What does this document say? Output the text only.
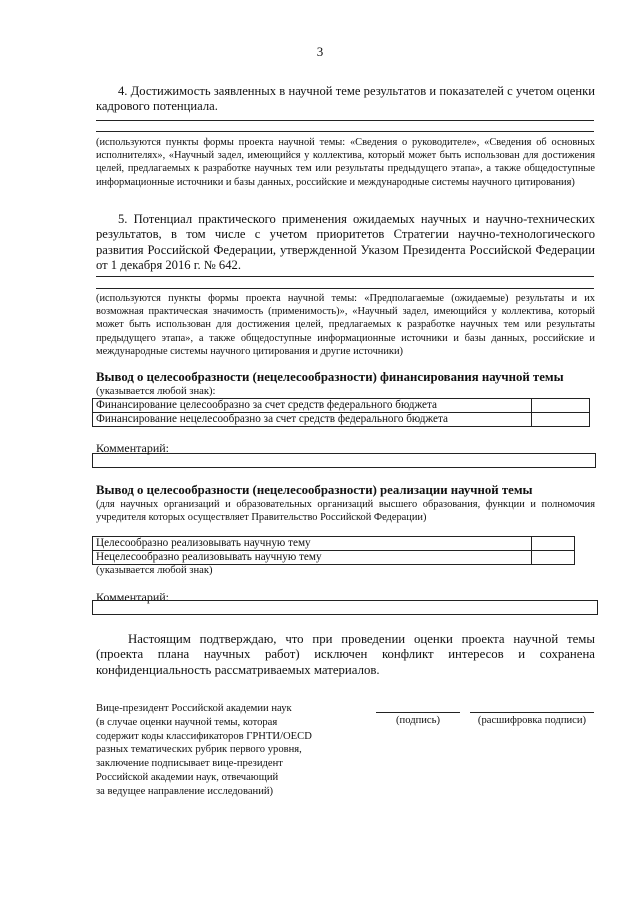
3
4. Достижимость заявленных в научной теме результатов и показателей с учетом оценки кадрового потенциала.
(используются пункты формы проекта научной темы: «Сведения о руководителе», «Сведения об основных исполнителях», «Научный задел, имеющийся у коллектива, который может быть использован для достижения целей, предлагаемых к разработке научных тем или результаты предыдущего этапа», а также общедоступные информационные источники и базы данных, российские и международные системы научного цитирования)
5. Потенциал практического применения ожидаемых научных и научно-технических результатов, в том числе с учетом приоритетов Стратегии научно-технологического развития Российской Федерации, утвержденной Указом Президента Российской Федерации от 1 декабря 2016 г. № 642.
(используются пункты формы проекта научной темы: «Предполагаемые (ожидаемые) результаты и их возможная практическая значимость (применимость)», «Научный задел, имеющийся у коллектива, который может быть использован для достижения целей, предлагаемых к разработке научных тем или результаты предыдущего этапа», а также общедоступные информационные источники и базы данных, российские и международные системы научного цитирования и другие источники)
Вывод о целесообразности (нецелесообразности) финансирования научной темы
(указывается любой знак):
Финансирование целесообразно за счет средств федерального бюджета	
Финансирование нецелесообразно за счет средств федерального бюджета	
Комментарий:
Вывод о целесообразности (нецелесообразности) реализации научной темы
(для научных организаций и образовательных организаций высшего образования, функции и полномочия учредителя которых осуществляет Правительство Российской Федерации)
Целесообразно реализовывать научную тему	
Нецелесообразно реализовывать научную тему	
(указывается любой знак)
Комментарий:
Настоящим подтверждаю, что при проведении оценки проекта научной темы (проекта плана научных работ) исключен конфликт интересов и сохранена конфиденциальность рассматриваемых материалов.
Вице-президент Российской академии наук
(в случае оценки научной темы, которая
содержит коды классификаторов ГРНТИ/OECD
разных тематических рубрик первого уровня,
заключение подписывает вице-президент
Российской академии наук, отвечающий
за ведущее направление исследований)
(подпись)	(расшифровка подписи)
